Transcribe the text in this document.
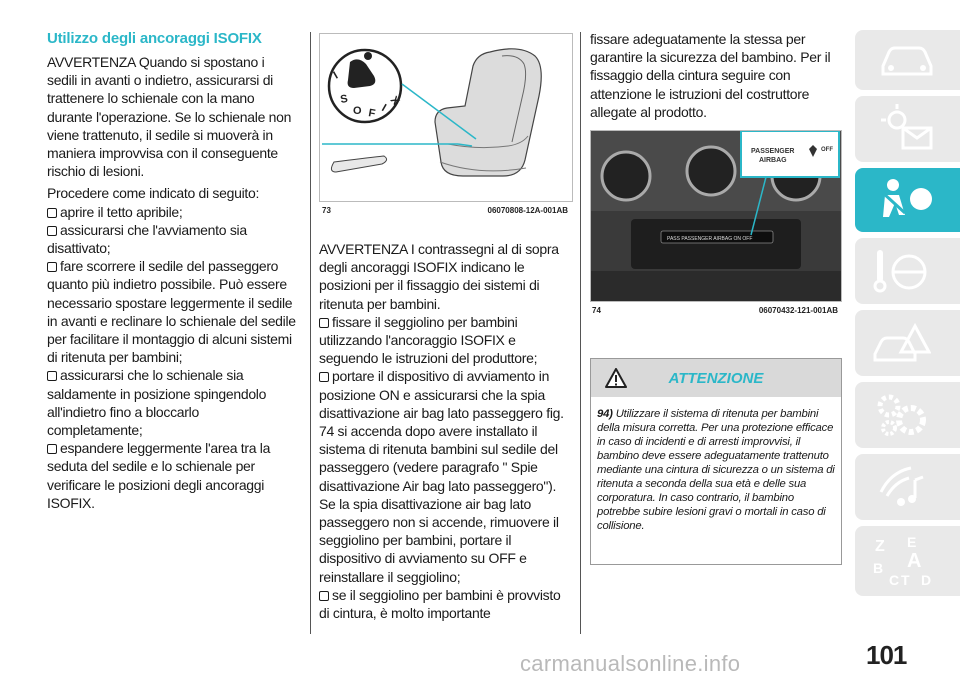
Utilizzo degli ancoraggi ISOFIX
AVVERTENZA Quando si spostano i sedili in avanti o indietro, assicurarsi di trattenere lo schienale con la mano durante l'operazione. Se lo schienale non viene trattenuto, il sedile si muoverà in maniera improvvisa con il conseguente rischio di lesioni.
Procedere come indicato di seguito:
aprire il tetto apribile;
assicurarsi che l'avviamento sia disattivato;
fare scorrere il sedile del passeggero quanto più indietro possibile. Può essere necessario spostare leggermente il sedile in avanti e reclinare lo schienale del sedile per facilitare il montaggio di alcuni sistemi di ritenuta per bambini;
assicurarsi che lo schienale sia saldamente in posizione spingendolo all'indietro fino a bloccarlo completamente;
espandere leggermente l'area tra la seduta del sedile e lo schienale per verificare le posizioni degli ancoraggi ISOFIX.
I
S
O F I
X
73	06070808-12A-001AB
AVVERTENZA I contrassegni al di sopra degli ancoraggi ISOFIX indicano le posizioni per il fissaggio dei sistemi di ritenuta per bambini.
fissare il seggiolino per bambini utilizzando l'ancoraggio ISOFIX e seguendo le istruzioni del produttore;
portare il dispositivo di avviamento in posizione ON e assicurarsi che la spia disattivazione air bag lato passeggero fig. 74 si accenda dopo avere installato il sistema di ritenuta bambini sul sedile del passeggero (vedere paragrafo " Spie disattivazione Air bag lato passeggero"). Se la spia disattivazione air bag lato passeggero non si accende, rimuovere il seggiolino per bambini, portare il dispositivo di avviamento su OFF e reinstallare il seggiolino;
se il seggiolino per bambini è provvisto di cintura, è molto importante
fissare adeguatamente la stessa per garantire la sicurezza del bambino. Per il fissaggio della cintura seguire con attenzione le istruzioni del costruttore allegate al prodotto.
PASS PASSENGER AIRBAG ON OFF
PASSENGER
AIRBAG
OFF
74	06070432-121-001AB
ATTENZIONE
94) Utilizzare il sistema di ritenuta per bambini della misura corretta. Per una protezione efficace in caso di incidenti e di arresti improvvisi, il bambino deve essere adeguatamente trattenuto mediante una cintura di sicurezza o un sistema di ritenuta a seconda della sua età e delle sua corporatura. In caso contrario, il bambino potrebbe subire lesioni gravi o mortali in caso di collisione.
Z E
A
B
C T D
101
carmanualsonline.info
